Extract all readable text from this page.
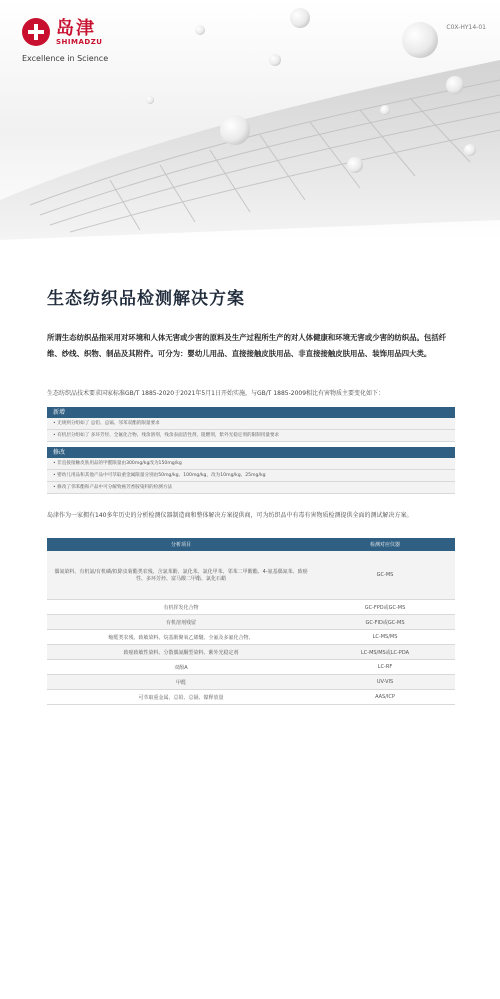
岛津
SHIMADZU
Excellence in Science
C0X-HY14-01
生态纺织品检测解决方案
所谓生态纺织品指采用对环境和人体无害或少害的原料及生产过程所生产的对人体健康和环境无害或少害的纺织品。包括纤维、纱线、织物、制品及其附件。可分为：婴幼儿用品、直接接触皮肤用品、非直接接触皮肤用品、装饰用品四大类。
生态纺织品技术要求国家标准GB/T 1885-2020于2021年5月1日开始实施，与GB/T 1885-2009相比有害物质主要变化如下：
新增
• 无规则分组如了 总铅、总镉、邻苯双酯的限量要求
• 有机层分组如了 多环芳烃、全氟化合物、残余溶剂，残余表面活性剂，阻燃剂，紫外光稳定剂的限制用量要求
修改
• 非直接接触皮肤用品的甲醛限量由300mg/kg改为150mg/kg
• 婴幼儿用品和其他产品中可萃取重金属限量分别由50mg/kg、100mg/kg，改为10mg/kg、25mg/kg
• 修改了邻苯酯和产品中可分解致癌芳香胺染料的检测方法
岛津作为一家拥有140多年历史的分析检测仪器制造商和整体解决方案提供商，可为纺织品中有毒有害物质检测提供全面的测试解决方案。
分析项目	检测对应仪器
偶氮染料、有机氯/有机磷/拟除虫菊酯类农残、含氯苯酚、氯化苯、氯化甲苯、邻苯二甲酸酯、4-氨基偶氮苯、致癌性、多环芳烃、富马酸二甲酯、氯化石蜡	GC-MS
有机挥发化合物	GC-FPD或GC-MS
有机溶剂残留	GC-FID或GC-MS
缩醛类农残、致敏染料、烷基酚聚氧乙烯醚、全氟及多氟化合物、	LC-MS/MS
致癌致敏性染料、分散偶氮酮型染料、紫外光稳定剂	LC-MS/MS或LC-PDA
双酚A	LC-RF
甲醛	UV-VIS
可萃取重金属、总铅、总镉、镍释放量	AAS/ICP
